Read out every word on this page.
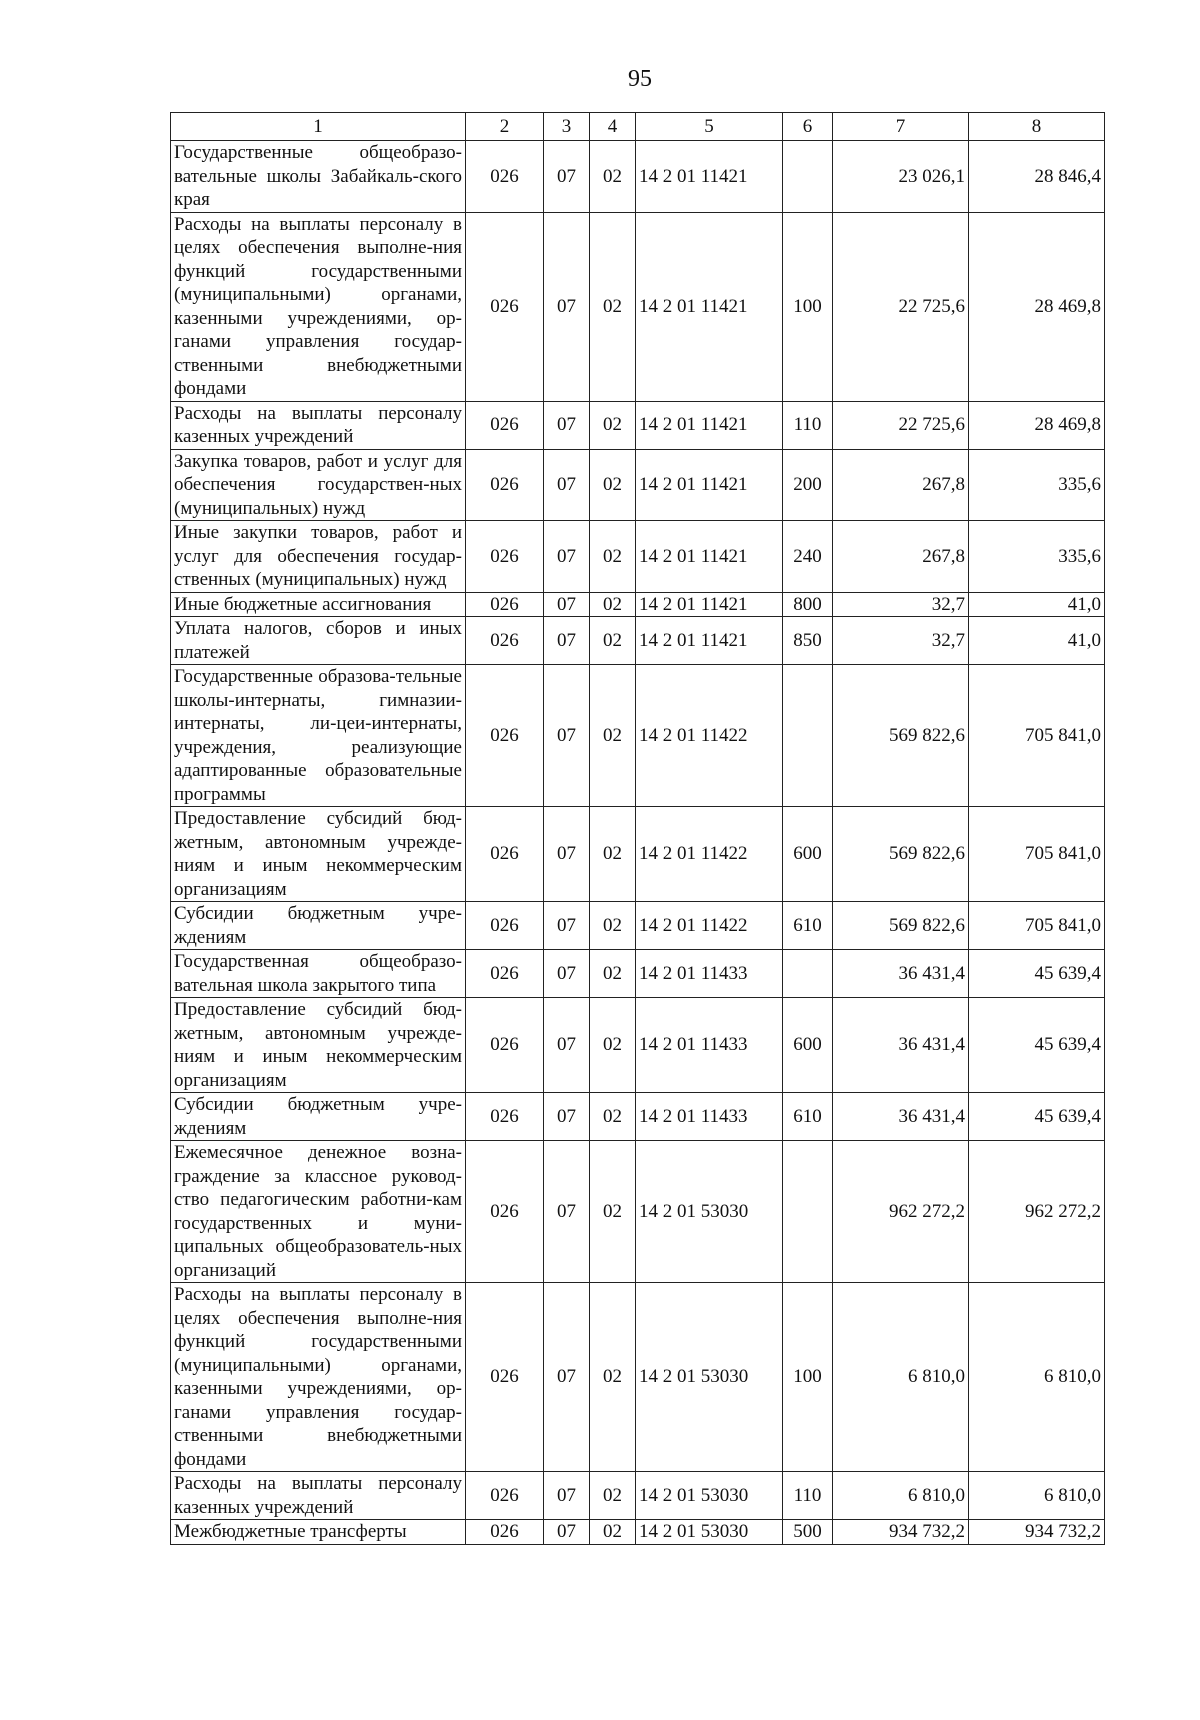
95
1	2	3	4	5	6	7	8
Государственные общеобразо-вательные школы Забайкаль-ского края	026	07	02	14 2 01 11421		23 026,1	28 846,4
Расходы на выплаты персоналу в целях обеспечения выполне-ния функций государственными (муниципальными) органами, казенными учреждениями, ор-ганами управления государ-ственными внебюджетными фондами	026	07	02	14 2 01 11421	100	22 725,6	28 469,8
Расходы на выплаты персоналу казенных учреждений	026	07	02	14 2 01 11421	110	22 725,6	28 469,8
Закупка товаров, работ и услуг для обеспечения государствен-ных (муниципальных) нужд	026	07	02	14 2 01 11421	200	267,8	335,6
Иные закупки товаров, работ и услуг для обеспечения государ-ственных (муниципальных) нужд	026	07	02	14 2 01 11421	240	267,8	335,6
Иные бюджетные ассигнования	026	07	02	14 2 01 11421	800	32,7	41,0
Уплата налогов, сборов и иных платежей	026	07	02	14 2 01 11421	850	32,7	41,0
Государственные образова-тельные школы-интернаты, гимназии-интернаты, ли-цеи-интернаты, учреждения, реализующие адаптированные образовательные программы	026	07	02	14 2 01 11422		569 822,6	705 841,0
Предоставление субсидий бюд-жетным, автономным учрежде-ниям и иным некоммерческим организациям	026	07	02	14 2 01 11422	600	569 822,6	705 841,0
Субсидии бюджетным учре-ждениям	026	07	02	14 2 01 11422	610	569 822,6	705 841,0
Государственная общеобразо-вательная школа закрытого типа	026	07	02	14 2 01 11433		36 431,4	45 639,4
Предоставление субсидий бюд-жетным, автономным учрежде-ниям и иным некоммерческим организациям	026	07	02	14 2 01 11433	600	36 431,4	45 639,4
Субсидии бюджетным учре-ждениям	026	07	02	14 2 01 11433	610	36 431,4	45 639,4
Ежемесячное денежное возна-граждение за классное руковод-ство педагогическим работни-кам государственных и муни-ципальных общеобразователь-ных организаций	026	07	02	14 2 01 53030		962 272,2	962 272,2
Расходы на выплаты персоналу в целях обеспечения выполне-ния функций государственными (муниципальными) органами, казенными учреждениями, ор-ганами управления государ-ственными внебюджетными фондами	026	07	02	14 2 01 53030	100	6 810,0	6 810,0
Расходы на выплаты персоналу казенных учреждений	026	07	02	14 2 01 53030	110	6 810,0	6 810,0
Межбюджетные трансферты	026	07	02	14 2 01 53030	500	934 732,2	934 732,2
